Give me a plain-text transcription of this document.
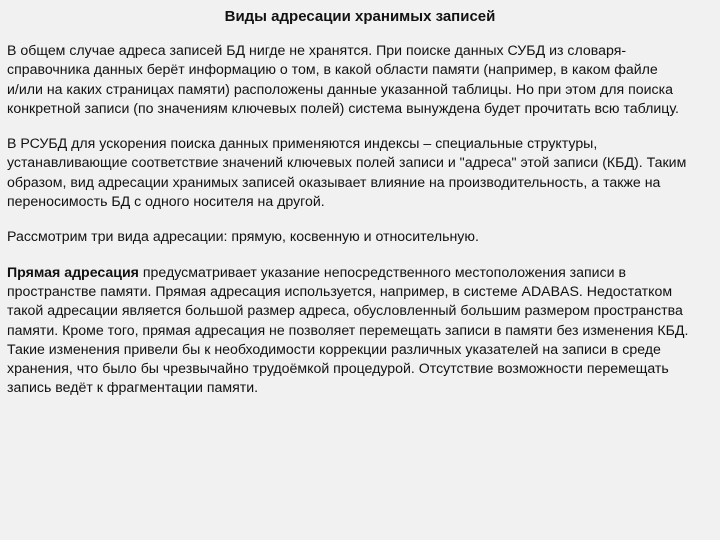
Виды адресации хранимых записей
В общем случае адреса записей БД нигде не хранятся. При поиске данных СУБД из словаря-
справочника данных берёт информацию о том, в какой области памяти (например, в каком файле
и/или на каких страницах памяти) расположены данные указанной таблицы. Но при этом для поиска
конкретной записи (по значениям ключевых полей) система вынуждена будет прочитать всю таблицу.
В РСУБД для ускорения поиска данных применяются индексы – специальные структуры,
устанавливающие соответствие значений ключевых полей записи и "адреса" этой записи (КБД). Таким
образом, вид адресации хранимых записей оказывает влияние на производительность, а также на
переносимость БД с одного носителя на другой.
Рассмотрим три вида адресации: прямую, косвенную и относительную.
Прямая адресация предусматривает указание непосредственного местоположения записи в
пространстве памяти. Прямая адресация используется, например, в системе ADABAS. Недостатком
такой адресации является большой размер адреса, обусловленный большим размером пространства
памяти. Кроме того, прямая адресация не позволяет перемещать записи в памяти без изменения КБД.
Такие изменения привели бы к необходимости коррекции различных указателей на записи в среде
хранения, что было бы чрезвычайно трудоёмкой процедурой. Отсутствие возможности перемещать
запись ведёт к фрагментации памяти.
